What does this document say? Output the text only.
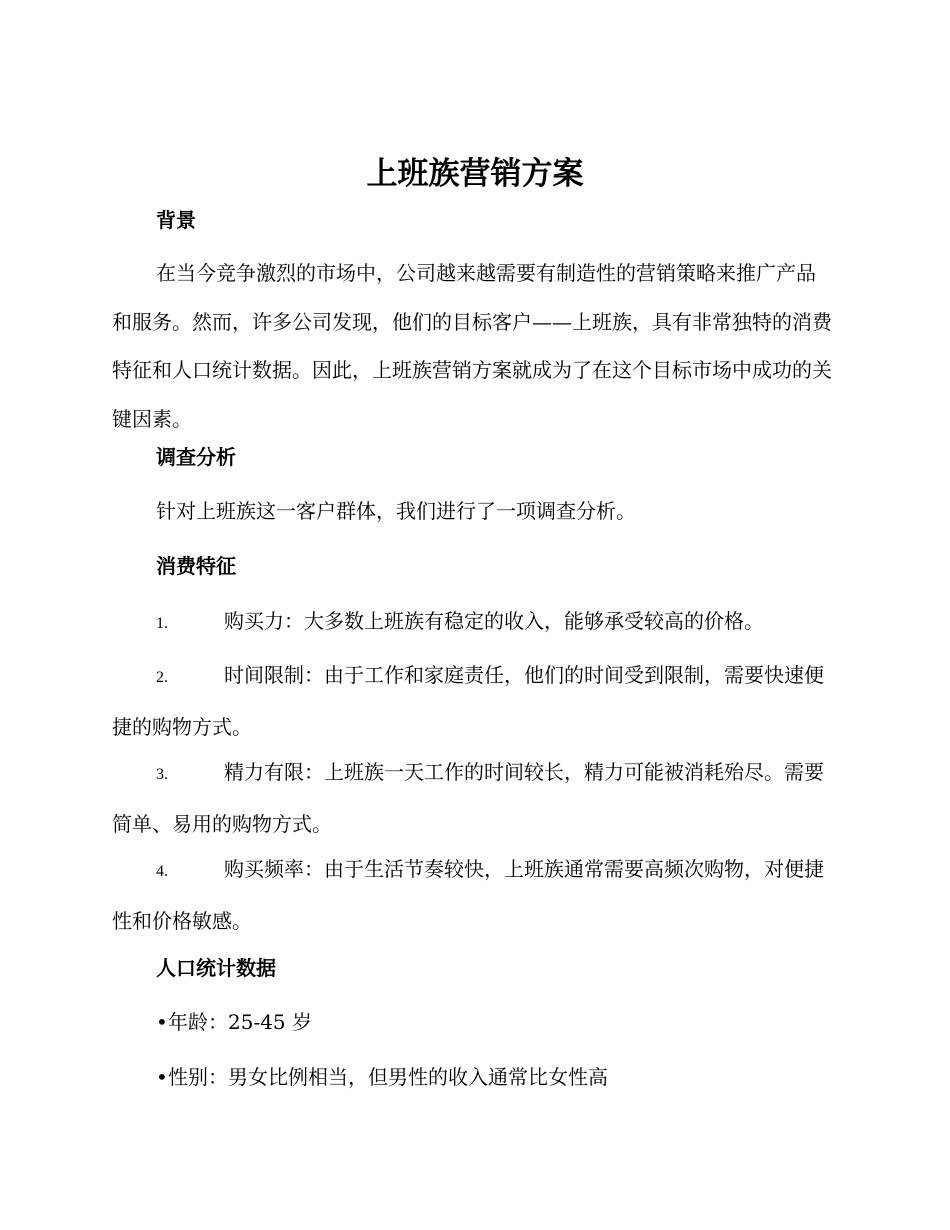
上班族营销方案
背景

在当今竞争激烈的市场中，公司越来越需要有制造性的营销策略来推广产品和服务。然而，许多公司发现，他们的目标客户——上班族，具有非常独特的消费特征和人口统计数据。因此，上班族营销方案就成为了在这个目标市场中成功的关键因素。

调查分析

针对上班族这一客户群体，我们进行了一项调查分析。

消费特征

1.	购买力：大多数上班族有稳定的收入，能够承受较高的价格。

2.	时间限制：由于工作和家庭责任，他们的时间受到限制，需要快速便捷的购物方式。

3.	精力有限：上班族一天工作的时间较长，精力可能被消耗殆尽。需要简单、易用的购物方式。

4.	购买频率：由于生活节奏较快，上班族通常需要高频次购物，对便捷性和价格敏感。

人口统计数据

•年龄：25-45 岁

•性别：男女比例相当，但男性的收入通常比女性高
